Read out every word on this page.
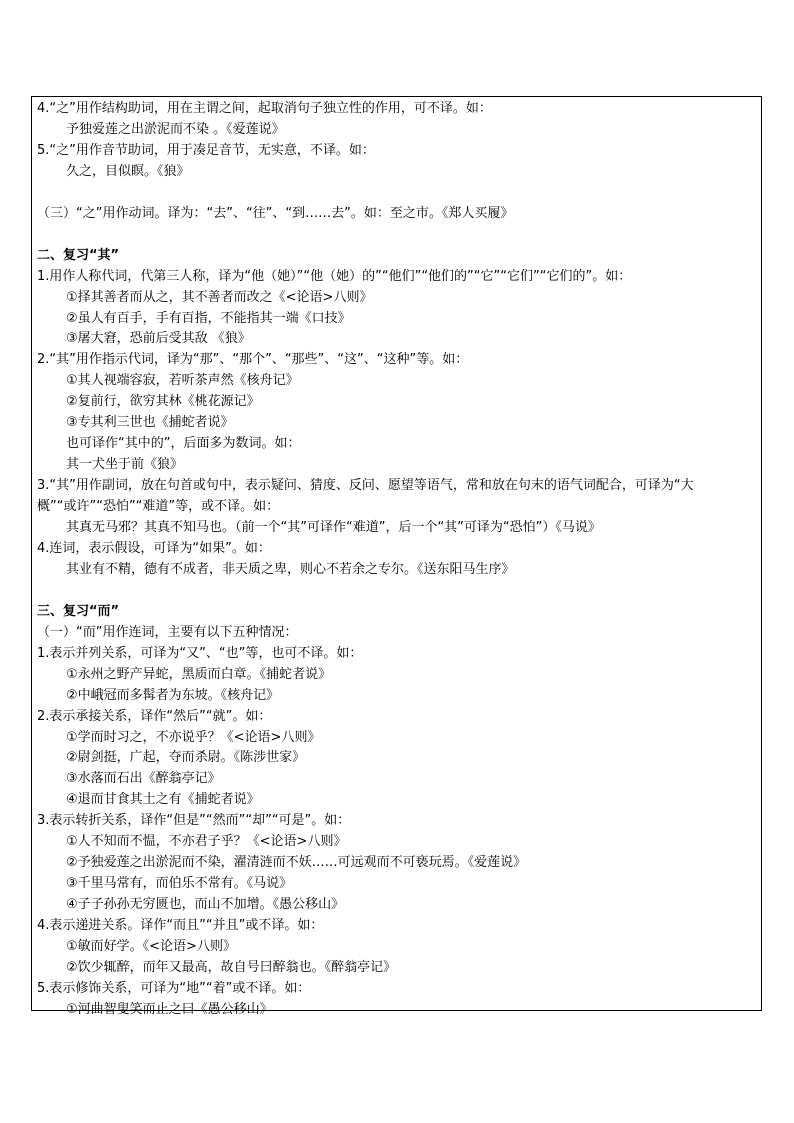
4.“之”用作结构助词，用在主谓之间，起取消句子独立性的作用，可不译。如：
予独爱莲之出淤泥而不染 。《爱莲说》
5.“之”用作音节助词，用于凑足音节，无实意，不译。如：
久之，目似瞑。《狼》
（三）“之”用作动词。译为：“去”、“往”、“到……去”。如：至之市。《郑人买履》
二、复习“其”
1.用作人称代词，代第三人称，译为“他（她）”“他（她）的”“他们”“他们的”“它”“它们”“它们的”。如：
①择其善者而从之，其不善者而改之《<论语>八则》
②虽人有百手，手有百指，不能指其一端《口技》
③屠大窘，恐前后受其敌 《狼》
2.“其”用作指示代词，译为“那”、“那个”、“那些”、“这”、“这种”等。如：
①其人视端容寂，若听茶声然《核舟记》
②复前行，欲穷其林《桃花源记》
③专其利三世也《捕蛇者说》
也可译作“其中的”，后面多为数词。如：
其一犬坐于前《狼》
3.“其”用作副词，放在句首或句中，表示疑问、猜度、反问、愿望等语气，常和放在句末的语气词配合，可译为“大
概”“或许”“恐怕”“难道”等，或不译。如：
其真无马邪？其真不知马也。（前一个“其”可译作“难道”，后一个“其”可译为“恐怕”）《马说》
4.连词，表示假设，可译为“如果”。如：
其业有不精，德有不成者，非天质之卑，则心不若余之专尔。《送东阳马生序》
三、复习“而”
（一）“而”用作连词，主要有以下五种情况：
1.表示并列关系，可译为“又”、“也”等，也可不译。如：
①永州之野产异蛇，黑质而白章。《捕蛇者说》
②中峨冠而多髯者为东坡。《核舟记》
2.表示承接关系，译作“然后”“就”。如：
①学而时习之，不亦说乎？《<论语>八则》
②尉剑挺，广起，夺而杀尉。《陈涉世家》
③水落而石出《醉翁亭记》
④退而甘食其土之有《捕蛇者说》
3.表示转折关系，译作“但是”“然而”“却”“可是”。如：
①人不知而不愠，不亦君子乎？《<论语>八则》
②予独爱莲之出淤泥而不染，濯清涟而不妖……可远观而不可亵玩焉。《爱莲说》
③千里马常有，而伯乐不常有。《马说》
④子子孙孙无穷匮也，而山不加增。《愚公移山》
4.表示递进关系。译作“而且”“并且”或不译。如：
①敏而好学。《<论语>八则》
②饮少辄醉，而年又最高，故自号曰醉翁也。《醉翁亭记》
5.表示修饰关系，可译为“地”“着”或不译。如：
①河曲智叟笑而止之曰《愚公移山》
